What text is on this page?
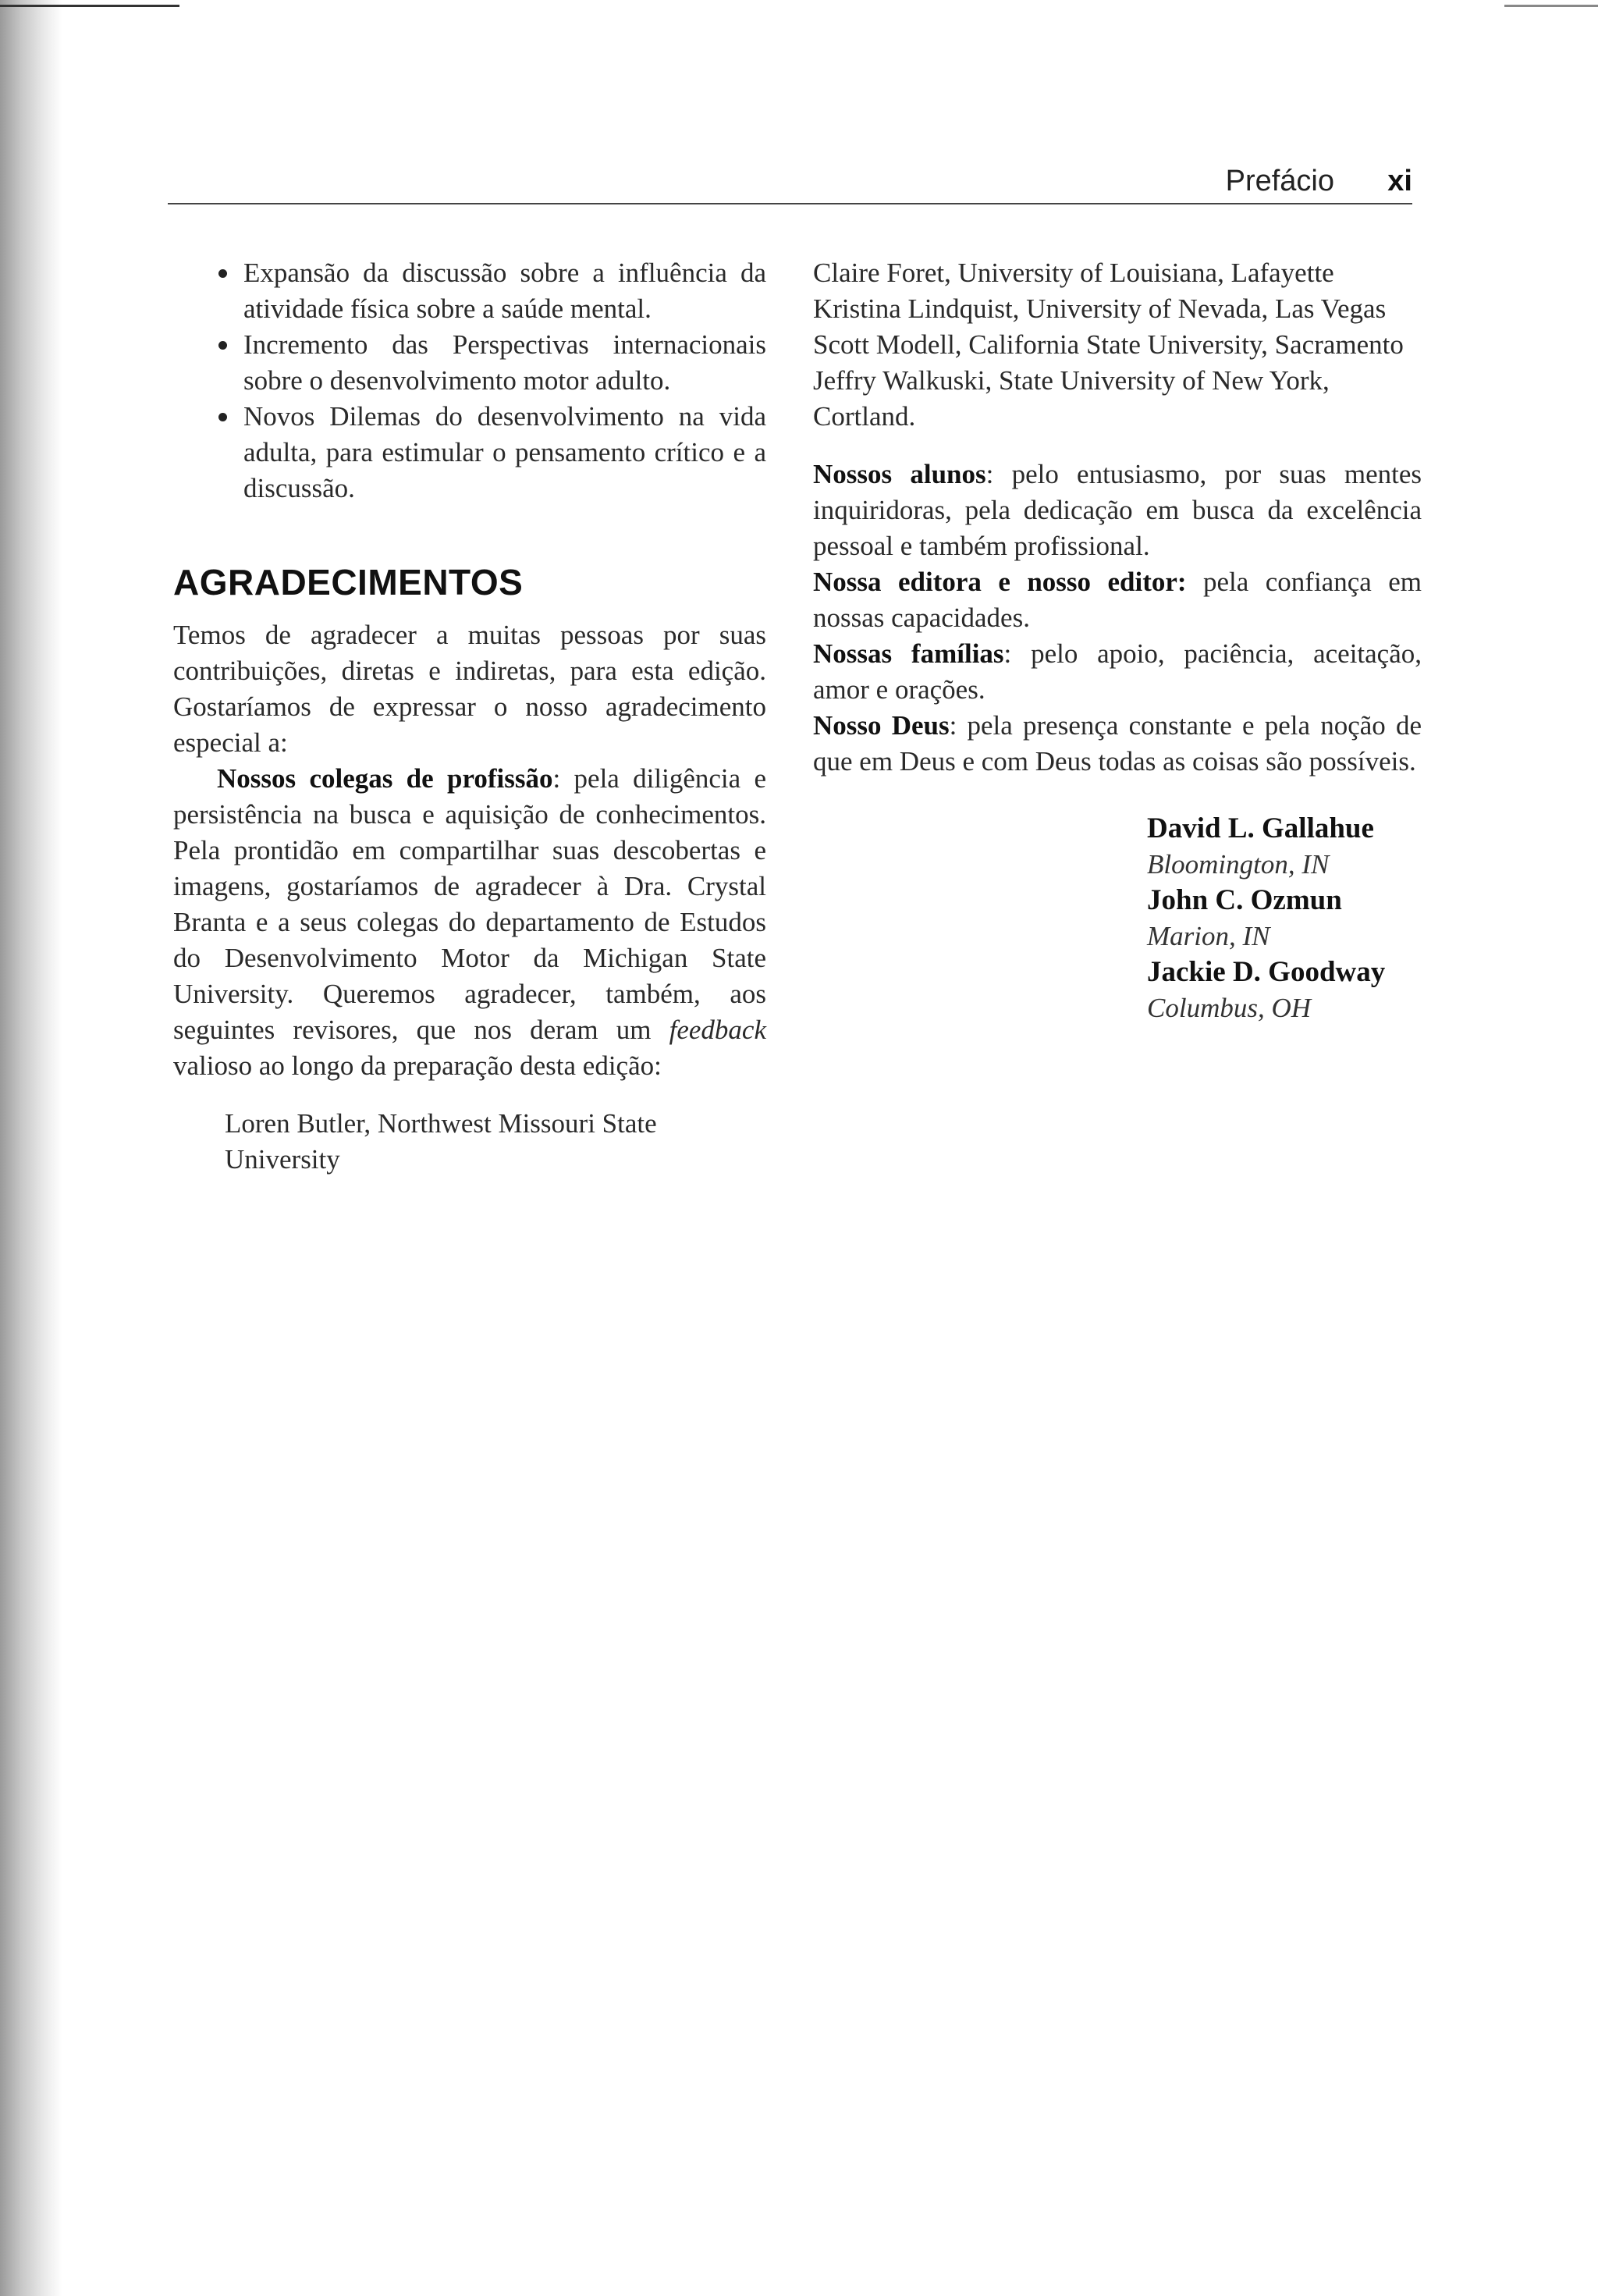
Prefácio xi
Expansão da discussão sobre a influência da atividade física sobre a saúde mental.
Incremento das Perspectivas internacionais sobre o desenvolvimento motor adulto.
Novos Dilemas do desenvolvimento na vida adulta, para estimular o pensamento crítico e a discussão.
AGRADECIMENTOS

Temos de agradecer a muitas pessoas por suas contribuições, diretas e indiretas, para esta edição. Gostaríamos de expressar o nosso agradecimento especial a:

Nossos colegas de profissão: pela diligência e persistência na busca e aquisição de conhecimentos. Pela prontidão em compartilhar suas descobertas e imagens, gostaríamos de agradecer à Dra. Crystal Branta e a seus colegas do departamento de Estudos do Desenvolvimento Motor da Michigan State University. Queremos agradecer, também, aos seguintes revisores, que nos deram um feedback valioso ao longo da preparação desta edição:

Loren Butler, Northwest Missouri State University

Claire Foret, University of Louisiana, Lafayette

Kristina Lindquist, University of Nevada, Las Vegas

Scott Modell, California State University, Sacramento

Jeffry Walkuski, State University of New York, Cortland.

Nossos alunos: pelo entusiasmo, por suas mentes inquiridoras, pela dedicação em busca da excelência pessoal e também profissional.

Nossa editora e nosso editor: pela confiança em nossas capacidades.

Nossas famílias: pelo apoio, paciência, aceitação, amor e orações.

Nosso Deus: pela presença constante e pela noção de que em Deus e com Deus todas as coisas são possíveis.

David L. Gallahue
Bloomington, IN
John C. Ozmun
Marion, IN
Jackie D. Goodway
Columbus, OH
